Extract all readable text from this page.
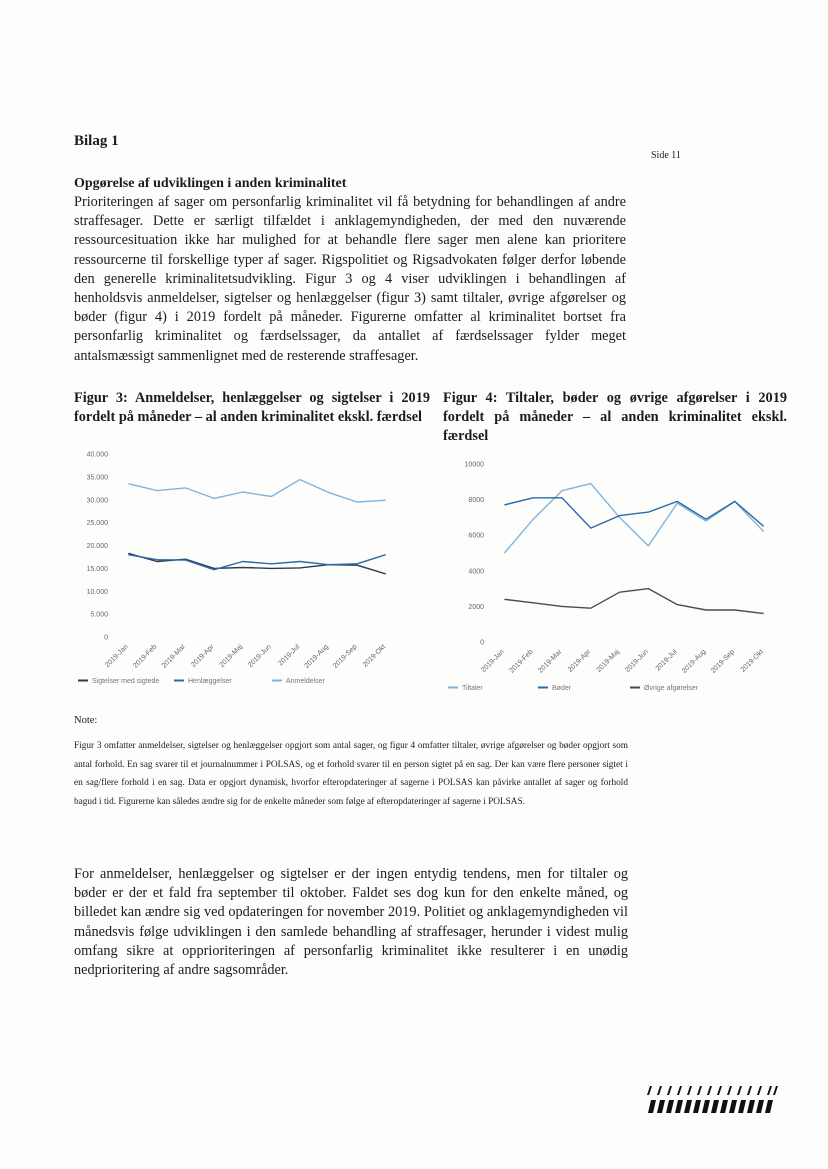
Bilag 1
Side 11
Opgørelse af udviklingen i anden kriminalitet
Prioriteringen af sager om personfarlig kriminalitet vil få betydning for behandlingen af andre straffesager. Dette er særligt tilfældet i anklagemyndigheden, der med den nuværende ressourcesituation ikke har mulighed for at behandle flere sager men alene kan prioritere ressourcerne til forskellige typer af sager. Rigspolitiet og Rigsadvokaten følger derfor løbende den generelle kriminalitetsudvikling. Figur 3 og 4 viser udviklingen i behandlingen af henholdsvis anmeldelser, sigtelser og henlæggelser (figur 3) samt tiltaler, øvrige afgørelser og bøder (figur 4) i 2019 fordelt på måneder. Figurerne omfatter al kriminalitet bortset fra personfarlig kriminalitet og færdselssager, da antallet af færdselssager fylder meget antalsmæssigt sammenlignet med de resterende straffesager.
Figur 3: Anmeldelser, henlæggelser og sigtelser i 2019 fordelt på måneder – al anden kriminalitet ekskl. færdsel
Figur 4: Tiltaler, bøder og øvrige afgørelser i 2019 fordelt på måneder – al anden kriminalitet ekskl. færdsel
0
5.000
10.000
15.000
20.000
25.000
30.000
35.000
40.000
2019-Jan 2019-Feb 2019-Mar 2019-Apr 2019-Maj 2019-Jun 2019-Jul 2019-Aug 2019-Sep 2019-Okt
Sigtelser med sigtede	Henlæggelser	Anmeldelser
0
2000
4000
6000
8000
10000
2019-Jan 2019-Feb 2019-Mar 2019-Apr 2019-Maj 2019-Jun 2019-Jul 2019-Aug 2019-Sep 2019-Okt
Tiltaler	Bøder	Øvrige afgørelser
Note:
Figur 3 omfatter anmeldelser, sigtelser og henlæggelser opgjort som antal sager, og figur 4 omfatter tiltaler, øvrige afgørelser og bøder opgjort som antal forhold. En sag svarer til et journalnummer i POLSAS, og et forhold svarer til en person sigtet på en sag. Der kan være flere personer sigtet i en sag/flere forhold i en sag. Data er opgjort dynamisk, hvorfor efteropdateringer af sagerne i POLSAS kan påvirke antallet af sager og forhold bagud i tid. Figurerne kan således ændre sig for de enkelte måneder som følge af efteropdateringer af sagerne i POLSAS.
For anmeldelser, henlæggelser og sigtelser er der ingen entydig tendens, men for tiltaler og bøder er der et fald fra september til oktober. Faldet ses dog kun for den enkelte måned, og billedet kan ændre sig ved opdateringen for november 2019. Politiet og anklagemyndigheden vil månedsvis følge udviklingen i den samlede behandling af straffesager, herunder i videst mulig omfang sikre at opprioriteringen af personfarlig kriminalitet ikke resulterer i en unødig nedprioritering af andre sagsområder.
